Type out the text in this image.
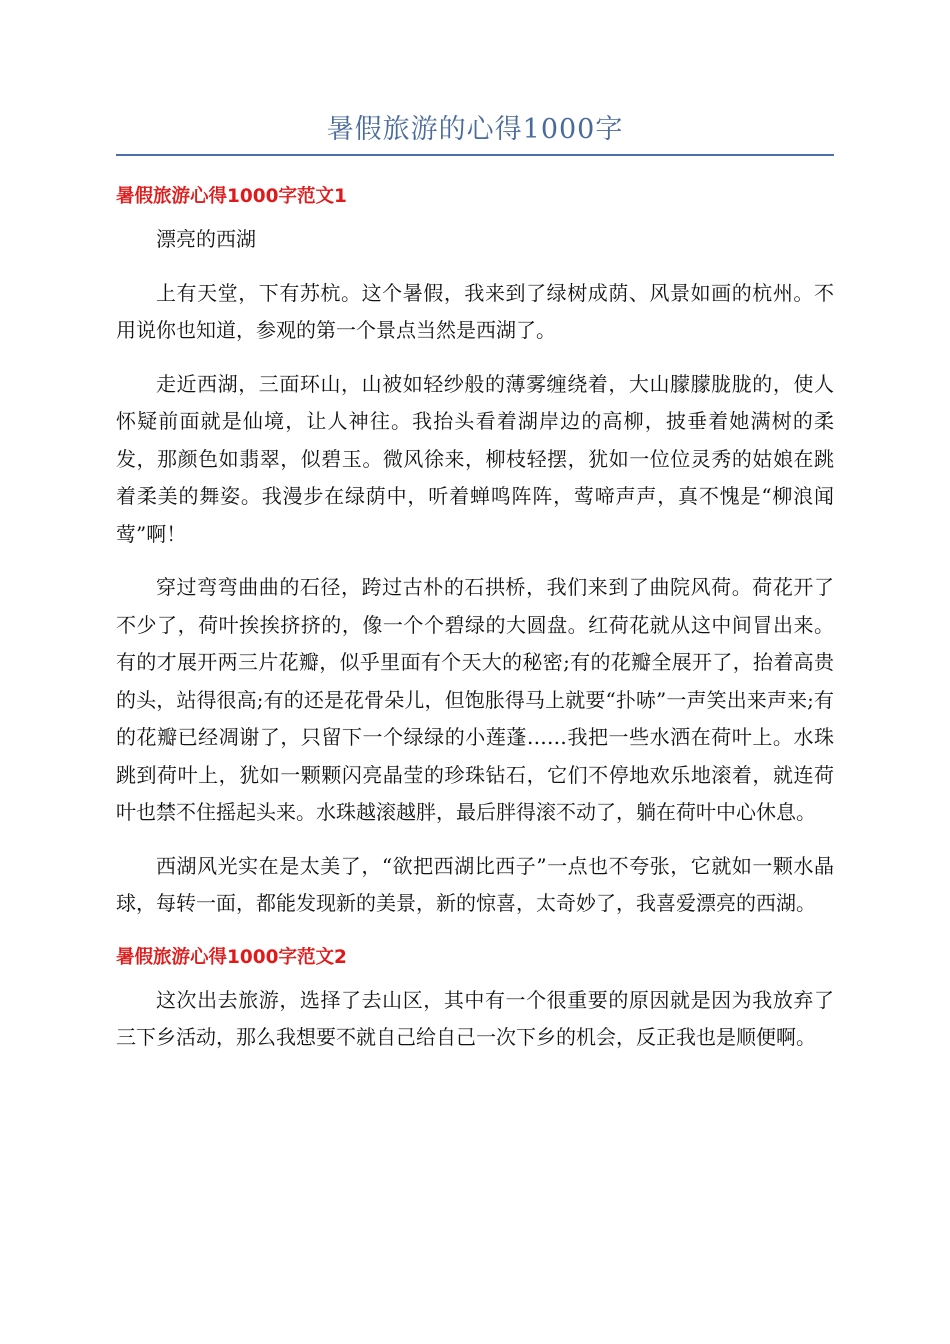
暑假旅游的心得1000字
暑假旅游心得1000字范文1

漂亮的西湖

上有天堂，下有苏杭。这个暑假，我来到了绿树成荫、风景如画的杭州。不用说你也知道，参观的第一个景点当然是西湖了。

走近西湖，三面环山，山被如轻纱般的薄雾缠绕着，大山朦朦胧胧的，使人怀疑前面就是仙境，让人神往。我抬头看着湖岸边的高柳，披垂着她满树的柔发，那颜色如翡翠，似碧玉。微风徐来，柳枝轻摆，犹如一位位灵秀的姑娘在跳着柔美的舞姿。我漫步在绿荫中，听着蝉鸣阵阵，莺啼声声，真不愧是“柳浪闻莺”啊！

穿过弯弯曲曲的石径，跨过古朴的石拱桥，我们来到了曲院风荷。荷花开了不少了，荷叶挨挨挤挤的，像一个个碧绿的大圆盘。红荷花就从这中间冒出来。有的才展开两三片花瓣，似乎里面有个天大的秘密;有的花瓣全展开了，抬着高贵的头，站得很高;有的还是花骨朵儿，但饱胀得马上就要“扑哧”一声笑出来声来;有的花瓣已经凋谢了，只留下一个绿绿的小莲蓬……我把一些水洒在荷叶上。水珠跳到荷叶上，犹如一颗颗闪亮晶莹的珍珠钻石，它们不停地欢乐地滚着，就连荷叶也禁不住摇起头来。水珠越滚越胖，最后胖得滚不动了，躺在荷叶中心休息。

西湖风光实在是太美了，“欲把西湖比西子”一点也不夸张，它就如一颗水晶球，每转一面，都能发现新的美景，新的惊喜，太奇妙了，我喜爱漂亮的西湖。

暑假旅游心得1000字范文2

这次出去旅游，选择了去山区，其中有一个很重要的原因就是因为我放弃了三下乡活动，那么我想要不就自己给自己一次下乡的机会，反正我也是顺便啊。
